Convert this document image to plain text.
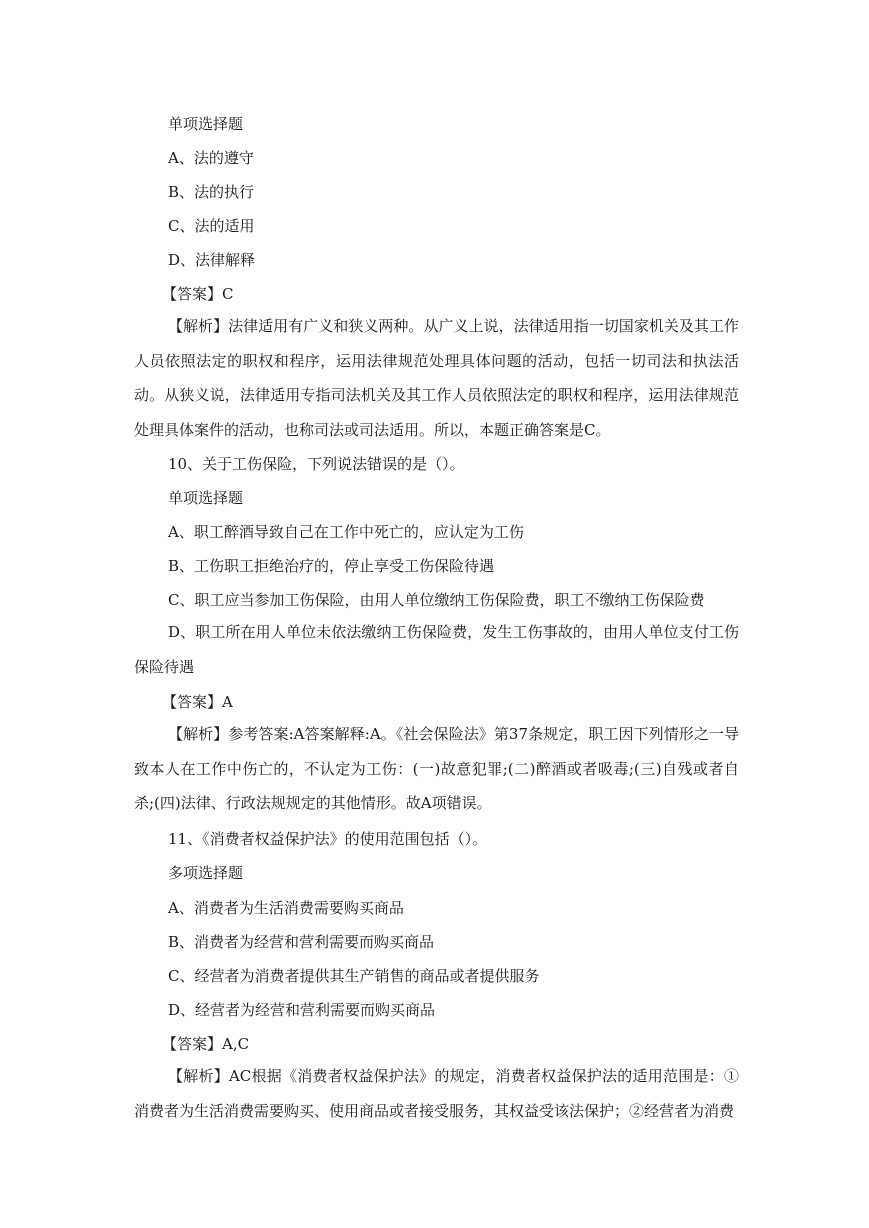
单项选择题
A、法的遵守
B、法的执行
C、法的适用
D、法律解释
【答案】C
【解析】法律适用有广义和狭义两种。从广义上说，法律适用指一切国家机关及其工作人员依照法定的职权和程序，运用法律规范处理具体问题的活动，包括一切司法和执法活动。从狭义说，法律适用专指司法机关及其工作人员依照法定的职权和程序，运用法律规范处理具体案件的活动，也称司法或司法适用。所以，本题正确答案是C。
10、关于工伤保险，下列说法错误的是（）。
单项选择题
A、职工醉酒导致自己在工作中死亡的，应认定为工伤
B、工伤职工拒绝治疗的，停止享受工伤保险待遇
C、职工应当参加工伤保险，由用人单位缴纳工伤保险费，职工不缴纳工伤保险费
D、职工所在用人单位未依法缴纳工伤保险费，发生工伤事故的，由用人单位支付工伤保险待遇
【答案】A
【解析】参考答案:A答案解释:A。《社会保险法》第37条规定，职工因下列情形之一导致本人在工作中伤亡的，不认定为工伤：(一)故意犯罪;(二)醉酒或者吸毒;(三)自残或者自杀;(四)法律、行政法规规定的其他情形。故A项错误。
11、《消费者权益保护法》的使用范围包括（）。
多项选择题
A、消费者为生活消费需要购买商品
B、消费者为经营和营利需要而购买商品
C、经营者为消费者提供其生产销售的商品或者提供服务
D、经营者为经营和营利需要而购买商品
【答案】A,C
【解析】AC根据《消费者权益保护法》的规定，消费者权益保护法的适用范围是：①消费者为生活消费需要购买、使用商品或者接受服务，其权益受该法保护；②经营者为消费
